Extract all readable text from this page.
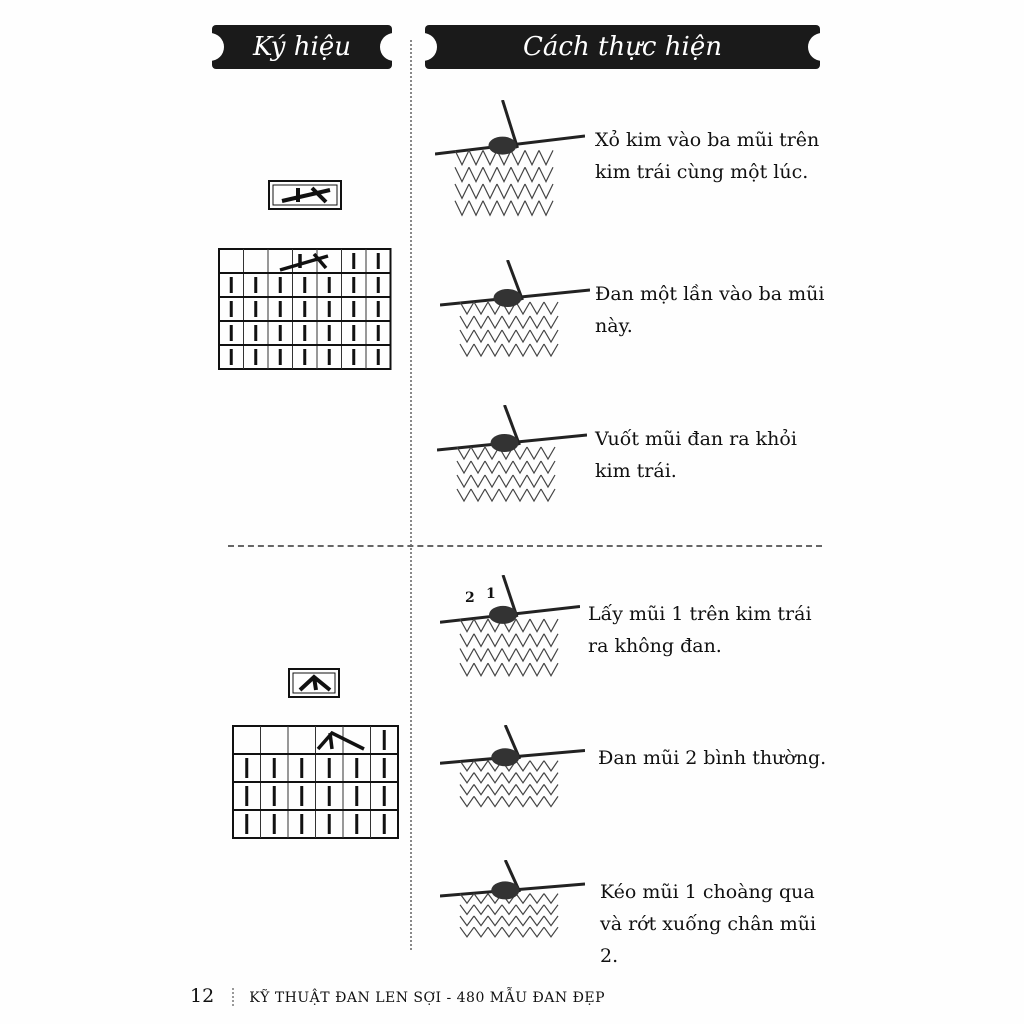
Ký hiệu	Cách thực hiện
2 1
Xỏ kim vào ba mũi trên kim trái cùng một lúc.
Đan một lần vào ba mũi này.
Vuốt mũi đan ra khỏi kim trái.
Lấy mũi 1 trên kim trái ra không đan.
Đan mũi 2 bình thường.
Kéo mũi 1 choàng qua và rớt xuống chân mũi 2.
12	KỸ THUẬT ĐAN LEN SỢI - 480 MẪU ĐAN ĐẸP
